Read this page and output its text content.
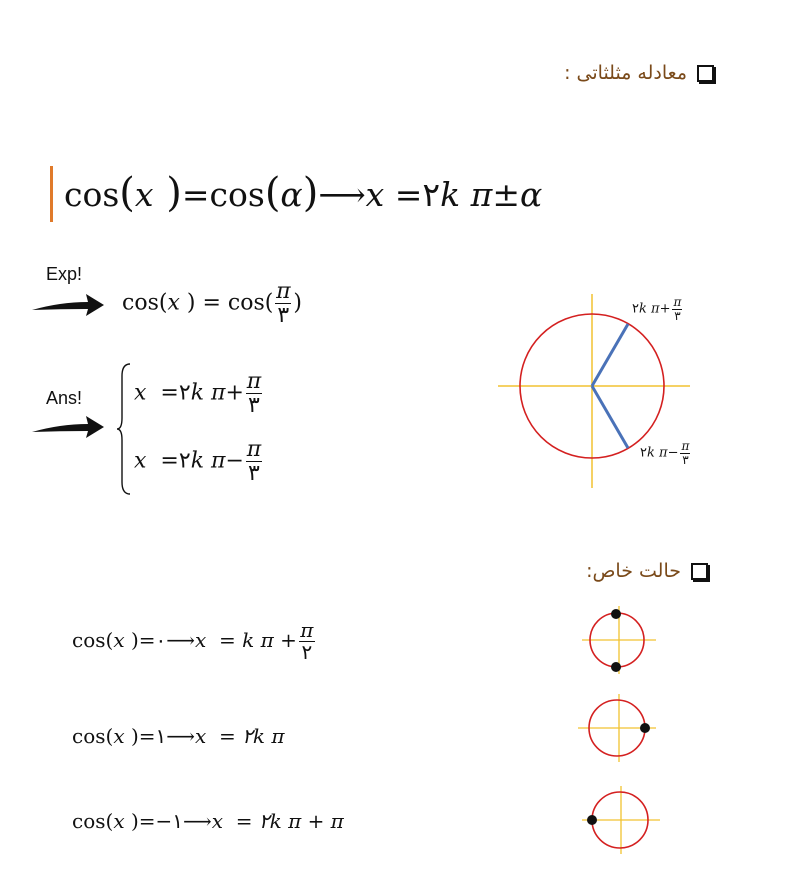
معادله مثلثاتی :
cos(x )=cos(α)⟶ x =۲k π±α
Exp!
cos(x ) = $\cos( \frac{\pi}{۳}$ )
Ans! x =۲k $\pi+ \frac{\pi}{۳}$
x =۲k $\pi- \frac{\pi}{۳}$
۲k $\pi+ \frac{\pi}{۳}$
۲k $\pi- \frac{\pi}{۳}$
حالت خاص:
cos(x )=۰⟶x = k $\pi + \frac{\pi}{۲}$
cos(x )=۱⟶x = ۲k π
cos(x )=−۱⟶x = ۲k π + π
